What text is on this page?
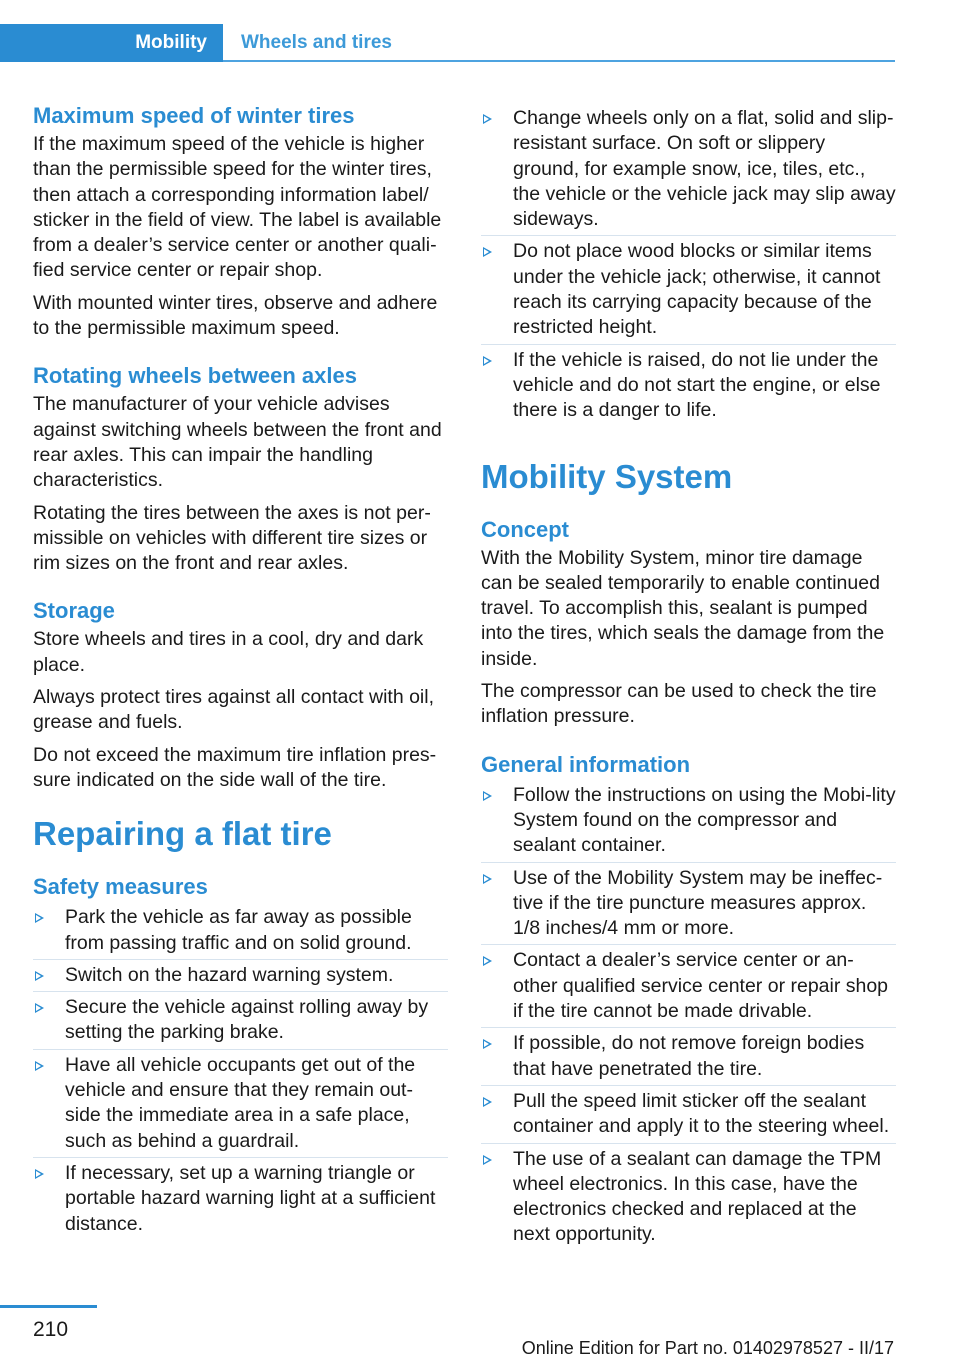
Mobility	Wheels and tires
Maximum speed of winter tires

If the maximum speed of the vehicle is higher than the permissible speed for the winter tires, then attach a corresponding information label/ sticker in the field of view. The label is available from a dealer’s service center or another quali‐fied service center or repair shop.

With mounted winter tires, observe and adhere to the permissible maximum speed.

Rotating wheels between axles

The manufacturer of your vehicle advises against switching wheels between the front and rear axles. This can impair the handling characteristics.

Rotating the tires between the axes is not per‐missible on vehicles with different tire sizes or rim sizes on the front and rear axles.

Storage

Store wheels and tires in a cool, dry and dark place.

Always protect tires against all contact with oil, grease and fuels.

Do not exceed the maximum tire inflation pres‐sure indicated on the side wall of the tire.

Repairing a flat tire
Safety measures
Park the vehicle as far away as possible from passing traffic and on solid ground.
Switch on the hazard warning system.
Secure the vehicle against rolling away by setting the parking brake.
Have all vehicle occupants get out of the vehicle and ensure that they remain out‐side the immediate area in a safe place, such as behind a guardrail.
If necessary, set up a warning triangle or portable hazard warning light at a sufficient distance.
Change wheels only on a flat, solid and slip-resistant surface. On soft or slippery ground, for example snow, ice, tiles, etc., the vehicle or the vehicle jack may slip away sideways.
Do not place wood blocks or similar items under the vehicle jack; otherwise, it cannot reach its carrying capacity because of the restricted height.
If the vehicle is raised, do not lie under the vehicle and do not start the engine, or else there is a danger to life.
Mobility System
Concept

With the Mobility System, minor tire damage can be sealed temporarily to enable continued travel. To accomplish this, sealant is pumped into the tires, which seals the damage from the inside.

The compressor can be used to check the tire inflation pressure.

General information
Follow the instructions on using the Mobi‐lity System found on the compressor and sealant container.
Use of the Mobility System may be ineffec‐tive if the tire puncture measures approx. 1/8 inches/4 mm or more.
Contact a dealer’s service center or an‐other qualified service center or repair shop if the tire cannot be made drivable.
If possible, do not remove foreign bodies that have penetrated the tire.
Pull the speed limit sticker off the sealant container and apply it to the steering wheel.
The use of a sealant can damage the TPM wheel electronics. In this case, have the electronics checked and replaced at the next opportunity.
210
Online Edition for Part no. 01402978527 - II/17
